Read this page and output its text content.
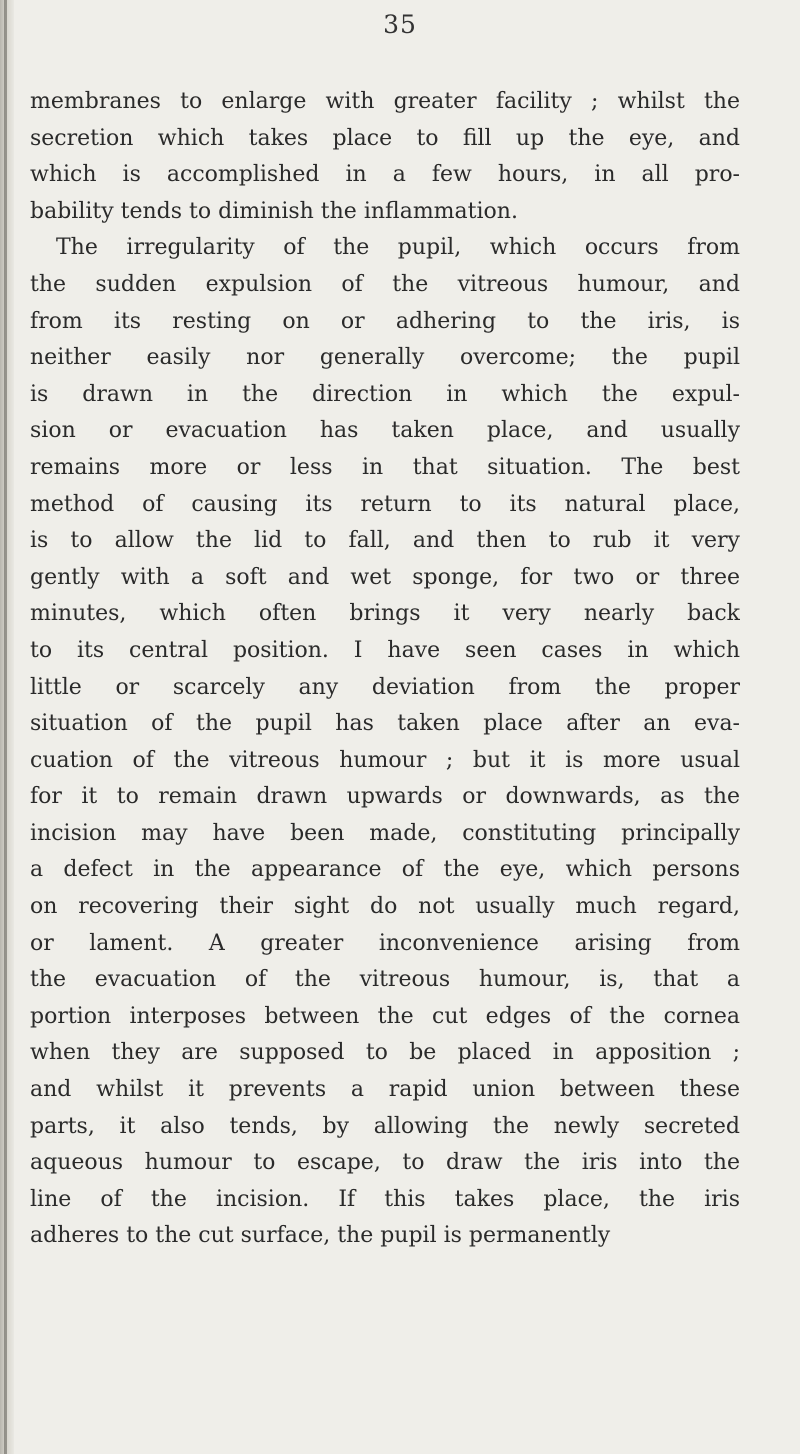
35
membranes to enlarge with greater facility ; whilst the
secretion which takes place to fill up the eye, and
which is accomplished in a few hours, in all pro-
bability tends to diminish the inflammation.
The irregularity of the pupil, which occurs from
the sudden expulsion of the vitreous humour, and
from its resting on or adhering to the iris, is
neither easily nor generally overcome; the pupil
is drawn in the direction in which the expul-
sion or evacuation has taken place, and usually
remains more or less in that situation. The best
method of causing its return to its natural place,
is to allow the lid to fall, and then to rub it very
gently with a soft and wet sponge, for two or three
minutes, which often brings it very nearly back
to its central position. I have seen cases in which
little or scarcely any deviation from the proper
situation of the pupil has taken place after an eva-
cuation of the vitreous humour ; but it is more usual
for it to remain drawn upwards or downwards, as the
incision may have been made, constituting principally
a defect in the appearance of the eye, which persons
on recovering their sight do not usually much regard,
or lament. A greater inconvenience arising from
the evacuation of the vitreous humour, is, that a
portion interposes between the cut edges of the cornea
when they are supposed to be placed in apposition ;
and whilst it prevents a rapid union between these
parts, it also tends, by allowing the newly secreted
aqueous humour to escape, to draw the iris into the
line of the incision. If this takes place, the iris
adheres to the cut surface, the pupil is permanently
